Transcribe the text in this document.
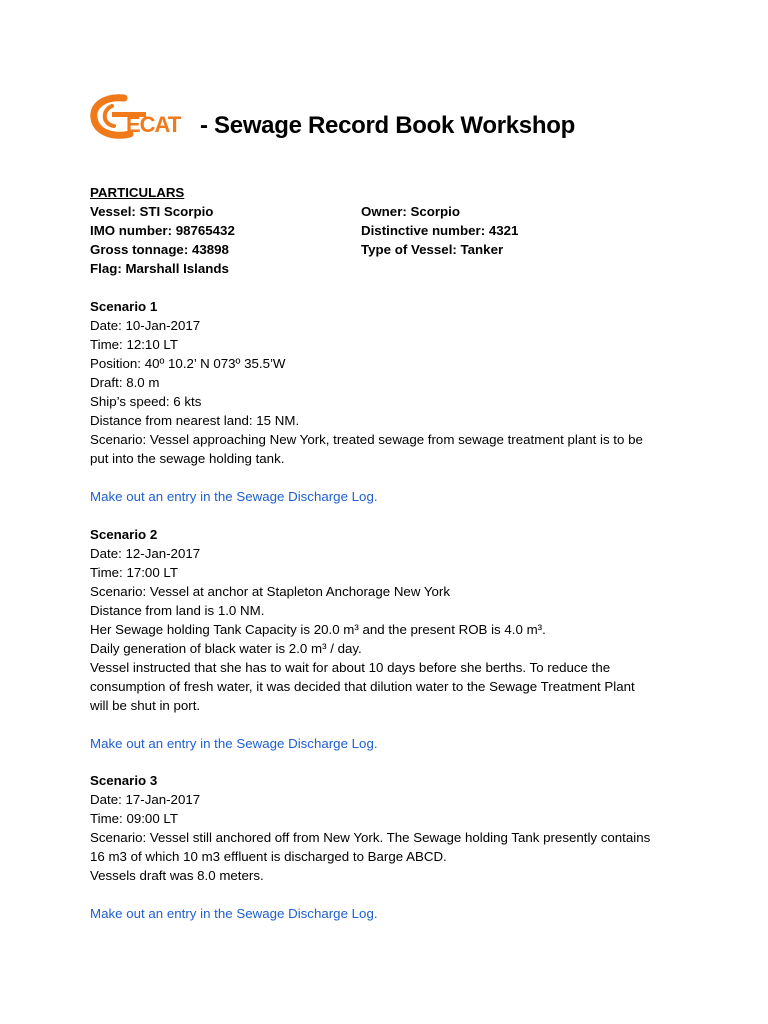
ECAT - Sewage Record Book Workshop
PARTICULARS
Vessel: STI Scorpio
IMO number: 98765432
Gross tonnage: 43898
Flag: Marshall Islands
Owner: Scorpio
Distinctive number: 4321
Type of Vessel: Tanker
Scenario 1
Date: 10-Jan-2017
Time: 12:10 LT
Position: 40º 10.2’ N 073º 35.5’W
Draft: 8.0 m
Ship’s speed: 6 kts
Distance from nearest land: 15 NM.
Scenario: Vessel approaching New York, treated sewage from sewage treatment plant is to be
put into the sewage holding tank.
Make out an entry in the Sewage Discharge Log.
Scenario 2
Date: 12-Jan-2017
Time: 17:00 LT
Scenario: Vessel at anchor at Stapleton Anchorage New York
Distance from land is 1.0 NM.
Her Sewage holding Tank Capacity is 20.0 m³ and the present ROB is 4.0 m³.
Daily generation of black water is 2.0 m³ / day.
Vessel instructed that she has to wait for about 10 days before she berths. To reduce the
consumption of fresh water, it was decided that dilution water to the Sewage Treatment Plant
will be shut in port.
Make out an entry in the Sewage Discharge Log.
Scenario 3
Date: 17-Jan-2017
Time: 09:00 LT
Scenario: Vessel still anchored off from New York. The Sewage holding Tank presently contains
16 m3 of which 10 m3 effluent is discharged to Barge ABCD.
Vessels draft was 8.0 meters.
Make out an entry in the Sewage Discharge Log.
